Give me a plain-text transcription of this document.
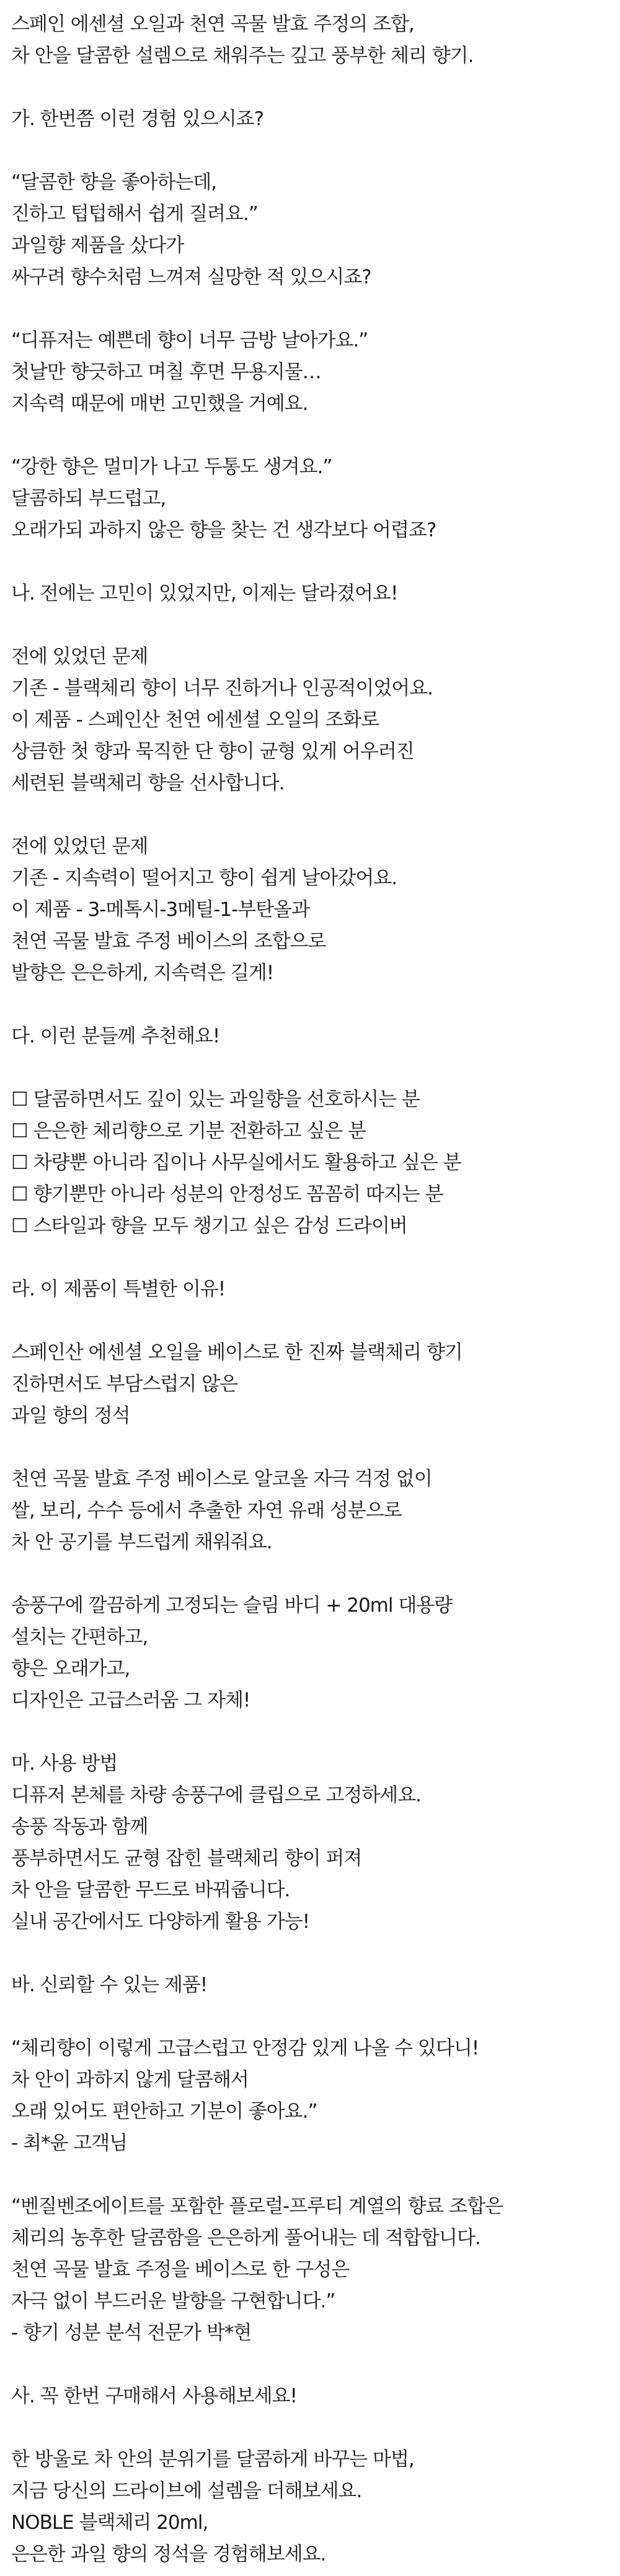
스페인 에센셜 오일과 천연 곡물 발효 주정의 조합,
차 안을 달콤한 설렘으로 채워주는 깊고 풍부한 체리 향기.
가. 한번쯤 이런 경험 있으시죠?
“달콤한 향을 좋아하는데,
진하고 텁텁해서 쉽게 질려요.”
과일향 제품을 샀다가
싸구려 향수처럼 느껴져 실망한 적 있으시죠?
“디퓨저는 예쁜데 향이 너무 금방 날아가요.”
첫날만 향긋하고 며칠 후면 무용지물…
지속력 때문에 매번 고민했을 거예요.
“강한 향은 멀미가 나고 두통도 생겨요.”
달콤하되 부드럽고,
오래가되 과하지 않은 향을 찾는 건 생각보다 어렵죠?
나. 전에는 고민이 있었지만, 이제는 달라졌어요!
전에 있었던 문제
기존 - 블랙체리 향이 너무 진하거나 인공적이었어요.
이 제품 - 스페인산 천연 에센셜 오일의 조화로
상큼한 첫 향과 묵직한 단 향이 균형 있게 어우러진
세련된 블랙체리 향을 선사합니다.
전에 있었던 문제
기존 - 지속력이 떨어지고 향이 쉽게 날아갔어요.
이 제품 - 3-메톡시-3메틸-1-부탄올과
천연 곡물 발효 주정 베이스의 조합으로
발향은 은은하게, 지속력은 길게!
다. 이런 분들께 추천해요!
☐ 달콤하면서도 깊이 있는 과일향을 선호하시는 분
☐ 은은한 체리향으로 기분 전환하고 싶은 분
☐ 차량뿐 아니라 집이나 사무실에서도 활용하고 싶은 분
☐ 향기뿐만 아니라 성분의 안정성도 꼼꼼히 따지는 분
☐ 스타일과 향을 모두 챙기고 싶은 감성 드라이버
라. 이 제품이 특별한 이유!
스페인산 에센셜 오일을 베이스로 한 진짜 블랙체리 향기
진하면서도 부담스럽지 않은
과일 향의 정석
천연 곡물 발효 주정 베이스로 알코올 자극 걱정 없이
쌀, 보리, 수수 등에서 추출한 자연 유래 성분으로
차 안 공기를 부드럽게 채워줘요.
송풍구에 깔끔하게 고정되는 슬림 바디 + 20ml 대용량
설치는 간편하고,
향은 오래가고,
디자인은 고급스러움 그 자체!
마. 사용 방법
디퓨저 본체를 차량 송풍구에 클립으로 고정하세요.
송풍 작동과 함께
풍부하면서도 균형 잡힌 블랙체리 향이 퍼져
차 안을 달콤한 무드로 바꿔줍니다.
실내 공간에서도 다양하게 활용 가능!
바. 신뢰할 수 있는 제품!
“체리향이 이렇게 고급스럽고 안정감 있게 나올 수 있다니!
차 안이 과하지 않게 달콤해서
오래 있어도 편안하고 기분이 좋아요.”
- 최*윤 고객님
“벤질벤조에이트를 포함한 플로럴-프루티 계열의 향료 조합은
체리의 농후한 달콤함을 은은하게 풀어내는 데 적합합니다.
천연 곡물 발효 주정을 베이스로 한 구성은
자극 없이 부드러운 발향을 구현합니다.”
- 향기 성분 분석 전문가 박*현
사. 꼭 한번 구매해서 사용해보세요!
한 방울로 차 안의 분위기를 달콤하게 바꾸는 마법,
지금 당신의 드라이브에 설렘을 더해보세요.
NOBLE 블랙체리 20ml,
은은한 과일 향의 정석을 경험해보세요.
